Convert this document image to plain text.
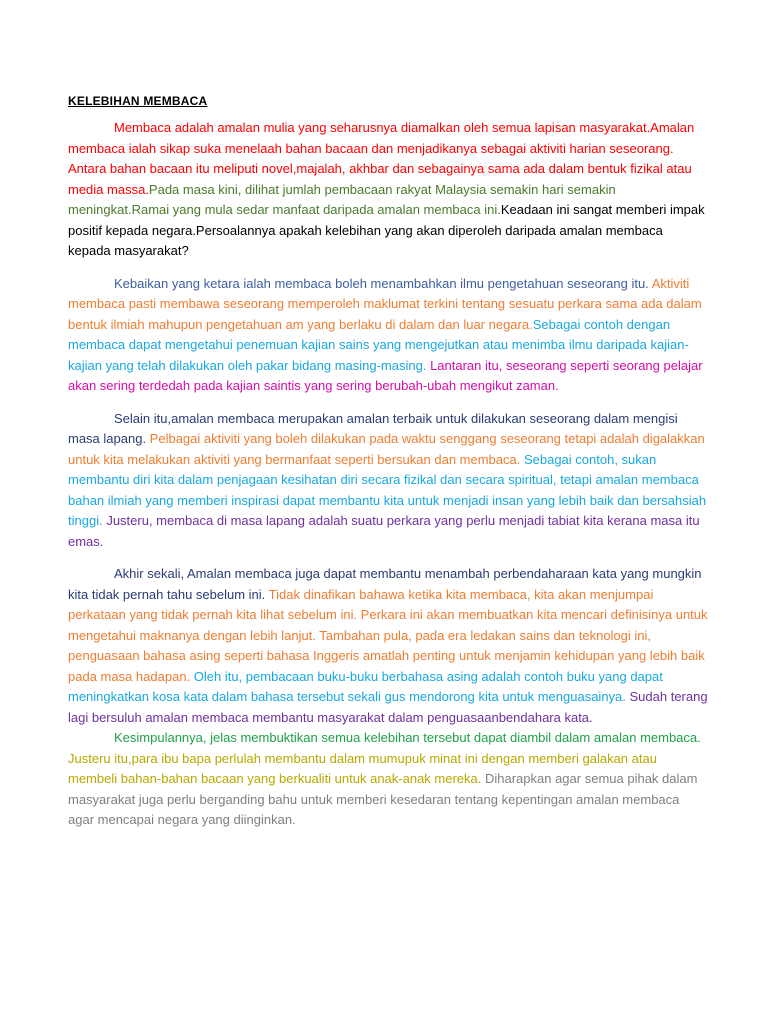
KELEBIHAN MEMBACA

Membaca adalah amalan mulia yang seharusnya diamalkan oleh semua lapisan masyarakat.Amalan membaca ialah sikap suka menelaah bahan bacaan dan menjadikanya sebagai aktiviti harian seseorang. Antara bahan bacaan itu meliputi novel,majalah, akhbar dan sebagainya sama ada dalam bentuk fizikal atau media massa.Pada masa kini, dilihat jumlah pembacaan rakyat Malaysia semakin hari semakin meningkat.Ramai yang mula sedar manfaat daripada amalan membaca ini.Keadaan ini sangat memberi impak positif kepada negara.Persoalannya apakah kelebihan yang akan diperoleh daripada amalan membaca kepada masyarakat?

Kebaikan yang ketara ialah membaca boleh menambahkan ilmu pengetahuan seseorang itu. Aktiviti membaca pasti membawa seseorang memperoleh maklumat terkini tentang sesuatu perkara sama ada dalam bentuk ilmiah mahupun pengetahuan am yang berlaku di dalam dan luar negara.Sebagai contoh dengan membaca dapat mengetahui penemuan kajian sains yang mengejutkan atau menimba ilmu daripada kajian-kajian yang telah dilakukan oleh pakar bidang masing-masing. Lantaran itu, seseorang seperti seorang pelajar akan sering terdedah pada kajian saintis yang sering berubah-ubah mengikut zaman.

Selain itu,amalan membaca merupakan amalan terbaik untuk dilakukan seseorang dalam mengisi masa lapang. Pelbagai aktiviti yang boleh dilakukan pada waktu senggang seseorang tetapi adalah digalakkan untuk kita melakukan aktiviti yang bermanfaat seperti bersukan dan membaca. Sebagai contoh, sukan membantu diri kita dalam penjagaan kesihatan diri secara fizikal dan secara spiritual, tetapi amalan membaca bahan ilmiah yang memberi inspirasi dapat membantu kita untuk menjadi insan yang lebih baik dan bersahsiah tinggi. Justeru, membaca di masa lapang adalah suatu perkara yang perlu menjadi tabiat kita kerana masa itu emas.

Akhir sekali, Amalan membaca juga dapat membantu menambah perbendaharaan kata yang mungkin kita tidak pernah tahu sebelum ini. Tidak dinafikan bahawa ketika kita membaca, kita akan menjumpai perkataan yang tidak pernah kita lihat sebelum ini. Perkara ini akan membuatkan kita mencari definisinya untuk mengetahui maknanya dengan lebih lanjut. Tambahan pula, pada era ledakan sains dan teknologi ini, penguasaan bahasa asing seperti bahasa Inggeris amatlah penting untuk menjamin kehidupan yang lebih baik pada masa hadapan. Oleh itu, pembacaan buku-buku berbahasa asing adalah contoh buku yang dapat meningkatkan kosa kata dalam bahasa tersebut sekali gus mendorong kita untuk menguasainya. Sudah terang lagi bersuluh amalan membaca membantu masyarakat dalam penguasaanbendahara kata.

Kesimpulannya, jelas membuktikan semua kelebihan tersebut dapat diambil dalam amalan membaca. Justeru itu,para ibu bapa perlulah membantu dalam mumupuk minat ini dengan memberi galakan atau membeli bahan-bahan bacaan yang berkualiti untuk anak-anak mereka. Diharapkan agar semua pihak dalam masyarakat juga perlu berganding bahu untuk memberi kesedaran tentang kepentingan amalan membaca agar mencapai negara yang diinginkan.
